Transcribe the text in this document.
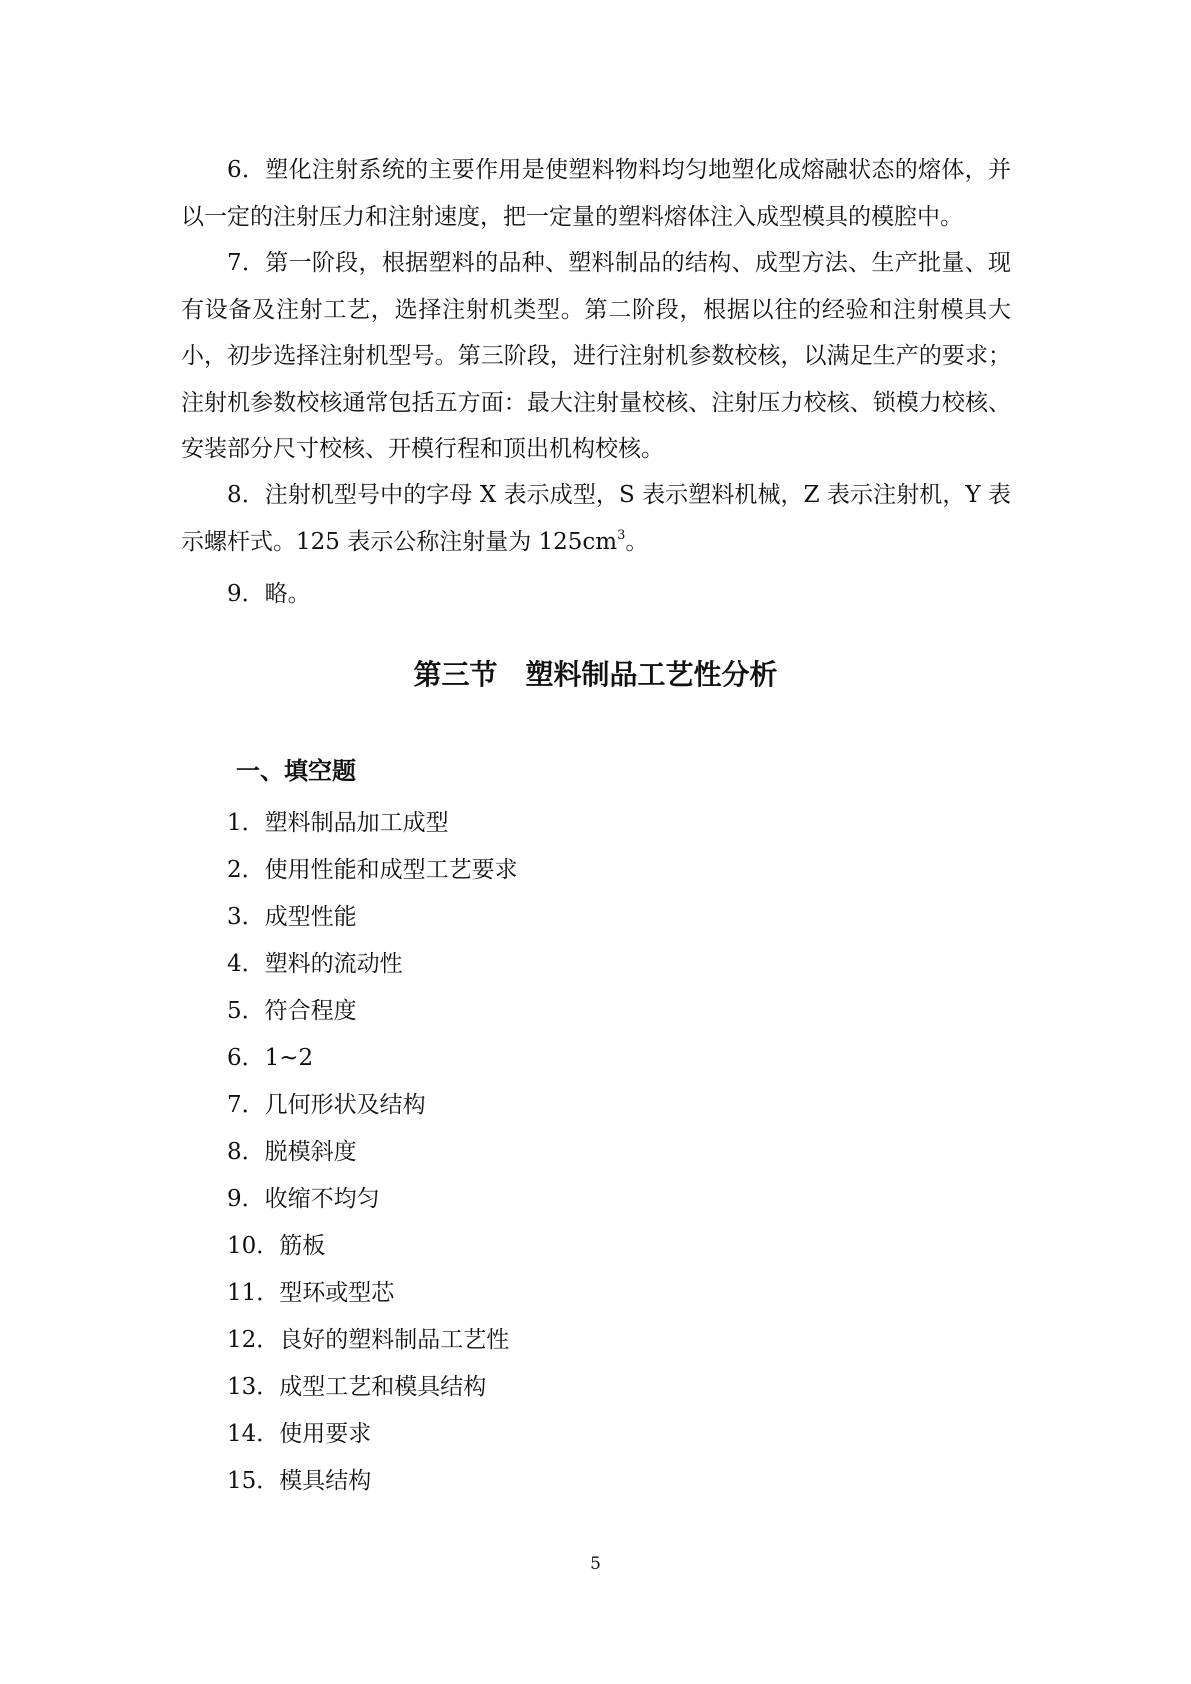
6．塑化注射系统的主要作用是使塑料物料均匀地塑化成熔融状态的熔体，并以一定的注射压力和注射速度，把一定量的塑料熔体注入成型模具的模腔中。

7．第一阶段，根据塑料的品种、塑料制品的结构、成型方法、生产批量、现有设备及注射工艺，选择注射机类型。第二阶段，根据以往的经验和注射模具大小，初步选择注射机型号。第三阶段，进行注射机参数校核，以满足生产的要求；注射机参数校核通常包括五方面：最大注射量校核、注射压力校核、锁模力校核、安装部分尺寸校核、开模行程和顶出机构校核。

8．注射机型号中的字母 X 表示成型，S 表示塑料机械，Z 表示注射机，Y 表示螺杆式。125 表示公称注射量为 $125cm^3$。

9．略。

第三节　塑料制品工艺性分析
一、填空题
1．塑料制品加工成型
2．使用性能和成型工艺要求
3．成型性能
4．塑料的流动性
5．符合程度
6．1~2
7．几何形状及结构
8．脱模斜度
9．收缩不均匀
10．筋板
11．型环或型芯
12．良好的塑料制品工艺性
13．成型工艺和模具结构
14．使用要求
15．模具结构

5
